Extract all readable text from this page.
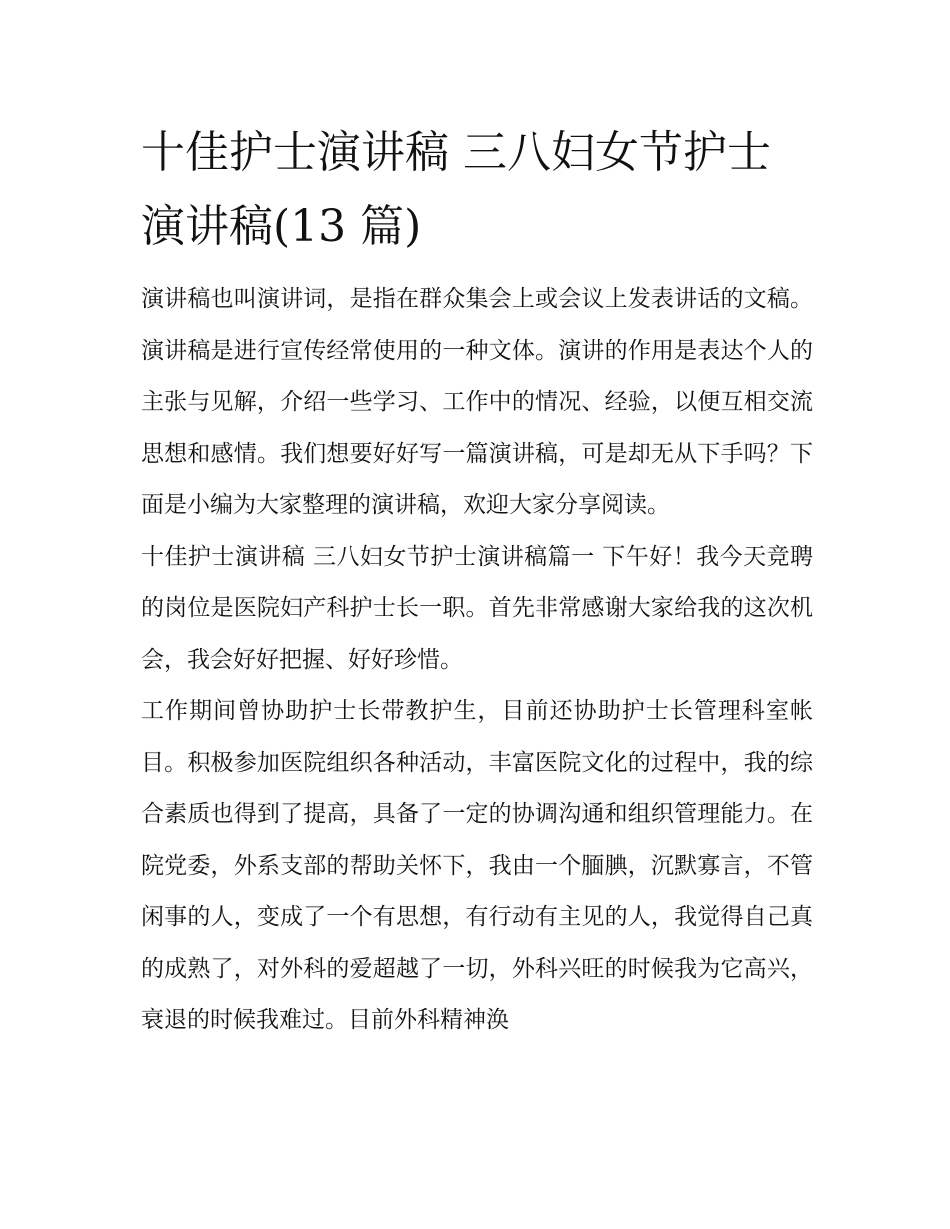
十佳护士演讲稿 三八妇女节护士演讲稿(13 篇)

演讲稿也叫演讲词，是指在群众集会上或会议上发表讲话的文稿。演讲稿是进行宣传经常使用的一种文体。演讲的作用是表达个人的主张与见解，介绍一些学习、工作中的情况、经验，以便互相交流思想和感情。我们想要好好写一篇演讲稿，可是却无从下手吗？下面是小编为大家整理的演讲稿，欢迎大家分享阅读。

十佳护士演讲稿 三八妇女节护士演讲稿篇一 下午好！我今天竞聘的岗位是医院妇产科护士长一职。首先非常感谢大家给我的这次机会，我会好好把握、好好珍惜。

工作期间曾协助护士长带教护生，目前还协助护士长管理科室帐目。积极参加医院组织各种活动，丰富医院文化的过程中，我的综合素质也得到了提高，具备了一定的协调沟通和组织管理能力。在院党委，外系支部的帮助关怀下，我由一个腼腆，沉默寡言，不管闲事的人，变成了一个有思想，有行动有主见的人，我觉得自己真的成熟了，对外科的爱超越了一切，外科兴旺的时候我为它高兴，衰退的时候我难过。目前外科精神涣
